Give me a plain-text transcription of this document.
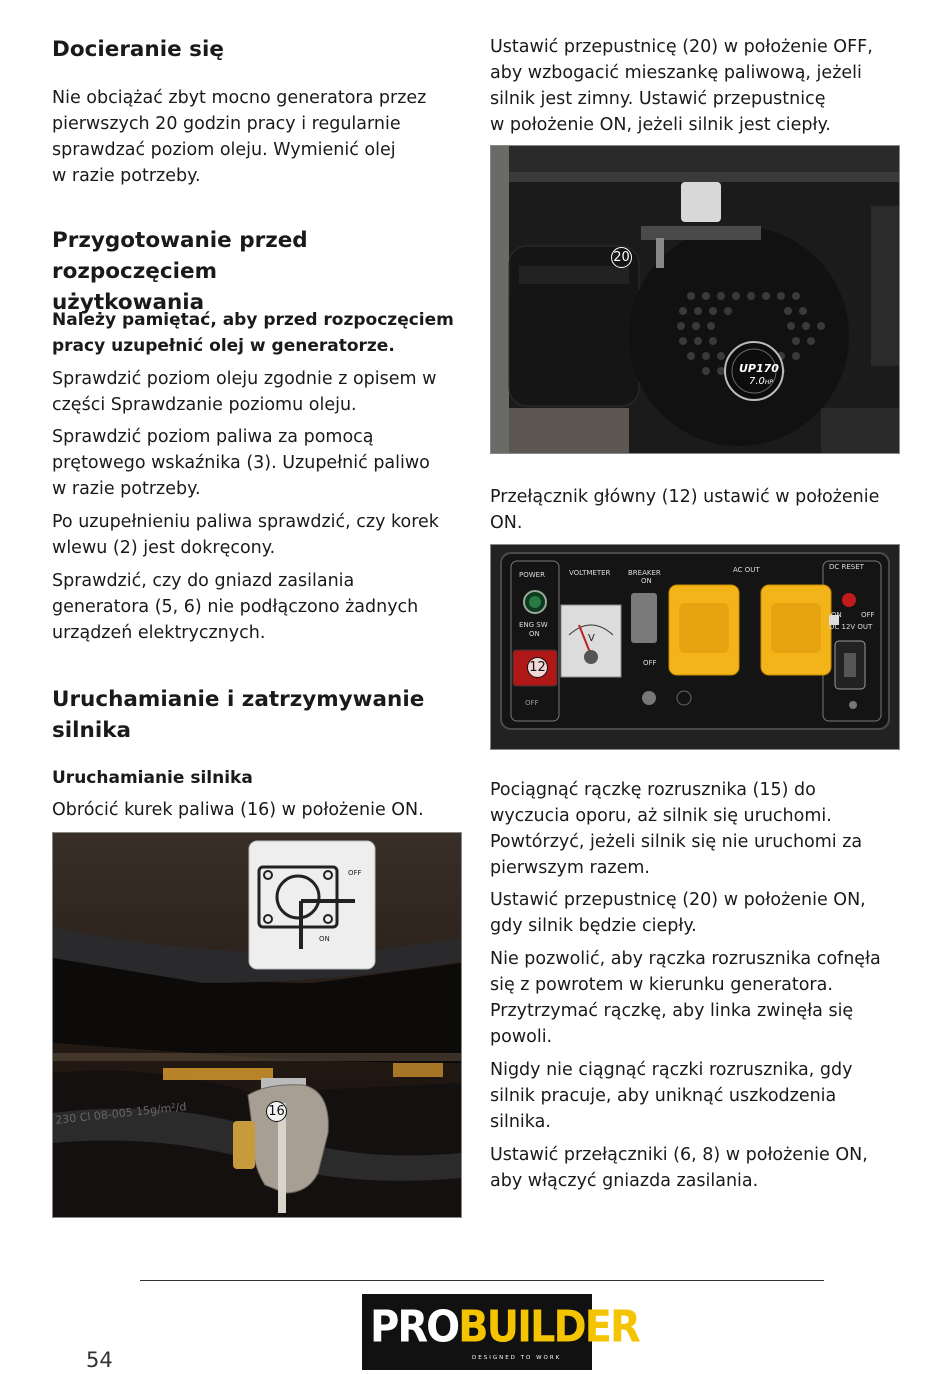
Docieranie się

Nie obciążać zbyt mocno generatora przez
pierwszych 20 godzin pracy i regularnie
sprawdzać poziom oleju. Wymienić olej
w razie potrzeby.

Przygotowanie przed rozpoczęciem
użytkowania
Należy pamiętać, aby przed rozpoczęciem
pracy uzupełnić olej w generatorze.

Sprawdzić poziom oleju zgodnie z opisem w
części Sprawdzanie poziomu oleju.

Sprawdzić poziom paliwa za pomocą
prętowego wskaźnika (3). Uzupełnić paliwo
w razie potrzeby.

Po uzupełnieniu paliwa sprawdzić, czy korek
wlewu (2) jest dokręcony.

Sprawdzić, czy do gniazd zasilania
generatora (5, 6) nie podłączono żadnych
urządzeń elektrycznych.

Uruchamianie i zatrzymywanie
silnika
Uruchamianie silnika

Obrócić kurek paliwa (16) w położenie ON.

OFF
ON
230 Cl 08-005 15g/m²/d	16

Ustawić przepustnicę (20) w położenie OFF,
aby wzbogacić mieszankę paliwową, jeżeli
silnik jest zimny. Ustawić przepustnicę
w położenie ON, jeżeli silnik jest ciepły.

Przełącznik główny (12) ustawić w położenie
ON.

Pociągnąć rączkę rozrusznika (15) do
wyczucia oporu, aż silnik się uruchomi.
Powtórzyć, jeżeli silnik się nie uruchomi za
pierwszym razem.

Ustawić przepustnicę (20) w położenie ON,
gdy silnik będzie ciepły.

Nie pozwolić, aby rączka rozrusznika cofnęła
się z powrotem w kierunku generatora.
Przytrzymać rączkę, aby linka zwinęła się
powoli.

Nigdy nie ciągnąć rączki rozrusznika, gdy
silnik pracuje, aby uniknąć uszkodzenia
silnika.

Ustawić przełączniki (6, 8) w położenie ON,
aby włączyć gniazda zasilania.

UP170
7.0HP
20
POWER	VOLTMETER	BREAKER
ON
OFF
AC OUT	DC RESET
ENG SW
ON
ON	OFF
DC 12V OUT
V
OFF
12
PROBUILDER
DESIGNED TO WORK
54
